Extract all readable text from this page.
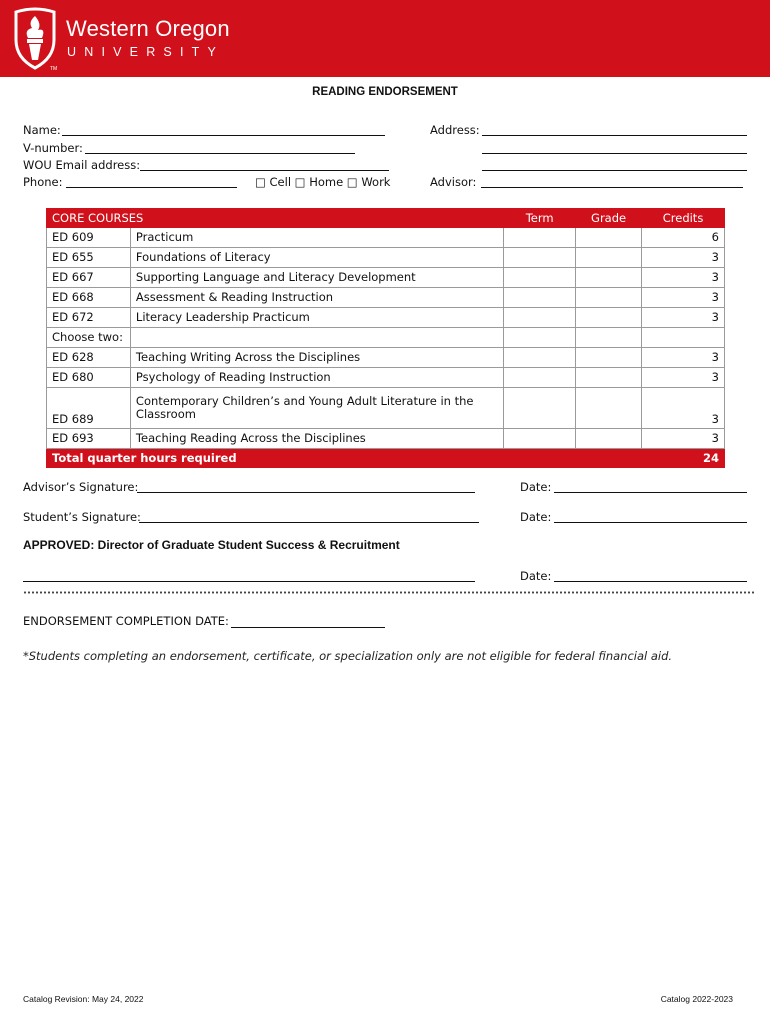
TM
Western Oregon
UNIVERSITY
READING ENDORSEMENT
Name:
V-number:
WOU Email address:
Phone:	□ Cell □ Home □ Work
Address:
Advisor:
CORE COURSES		Term	Grade	Credits
ED 609	Practicum			6
ED 655	Foundations of Literacy			3
ED 667	Supporting Language and Literacy Development			3
ED 668	Assessment & Reading Instruction			3
ED 672	Literacy Leadership Practicum			3
Choose two:				
ED 628	Teaching Writing Across the Disciplines			3
ED 680	Psychology of Reading Instruction			3
ED 689	Contemporary Children’s and Young Adult Literature in the
Classroom			3
ED 693	Teaching Reading Across the Disciplines			3
Total quarter hours required				24
Advisor’s Signature:	Date:
Student’s Signature:	Date:
APPROVED: Director of Graduate Student Success & Recruitment
Date:
ENDORSEMENT COMPLETION DATE:
*Students completing an endorsement, certificate, or specialization only are not eligible for federal financial aid.
Catalog Revision: May 24, 2022	Catalog 2022-2023
